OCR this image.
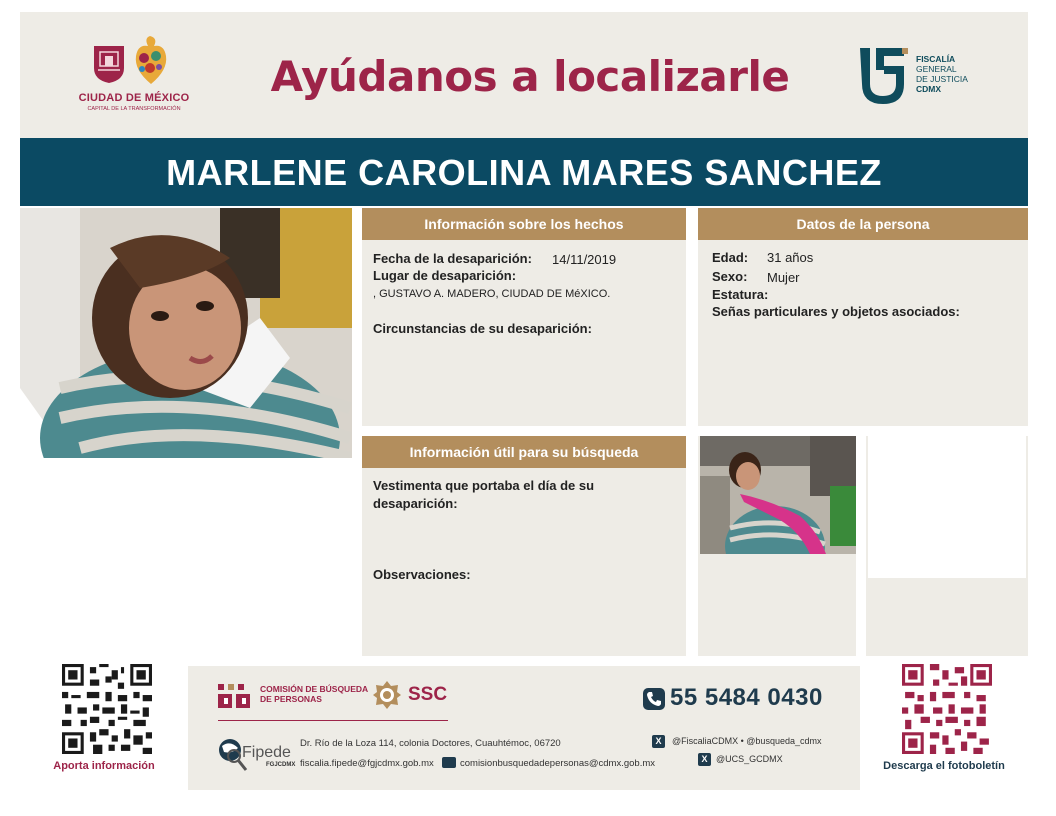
CIUDAD DE MÉXICO
CAPITAL DE LA TRANSFORMACIÓN
Ayúdanos a localizarle	FISCALÍA
GENERAL
DE JUSTICIA
CDMX
MARLENE CAROLINA MARES SANCHEZ
Información sobre los hechos
Fecha de la desaparición: 14/11/2019
Lugar de desaparición:
, GUSTAVO A. MADERO, CIUDAD DE MéXICO.
Circunstancias de su desaparición:
Datos de la persona
Edad: 31 años
Sexo: Mujer
Estatura:
Señas particulares y objetos asociados:
Información útil para su búsqueda
Vestimenta que portaba el día de su
desaparición:
Observaciones:
Aporta información
COMISIÓN DE BÚSQUEDA
DE PERSONAS	SSC	55 5484 0430
Fipede
FGJCDMX
Dr. Río de la Loza 114, colonia Doctores, Cuauhtémoc, 06720
fiscalia.fipede@fgjcdmx.gob.mx	comisionbusquedadepersonas@cdmx.gob.mx
X	@FiscaliaCDMX • @busqueda_cdmx
X @UCS_GCDMX
Descarga el fotoboletín
